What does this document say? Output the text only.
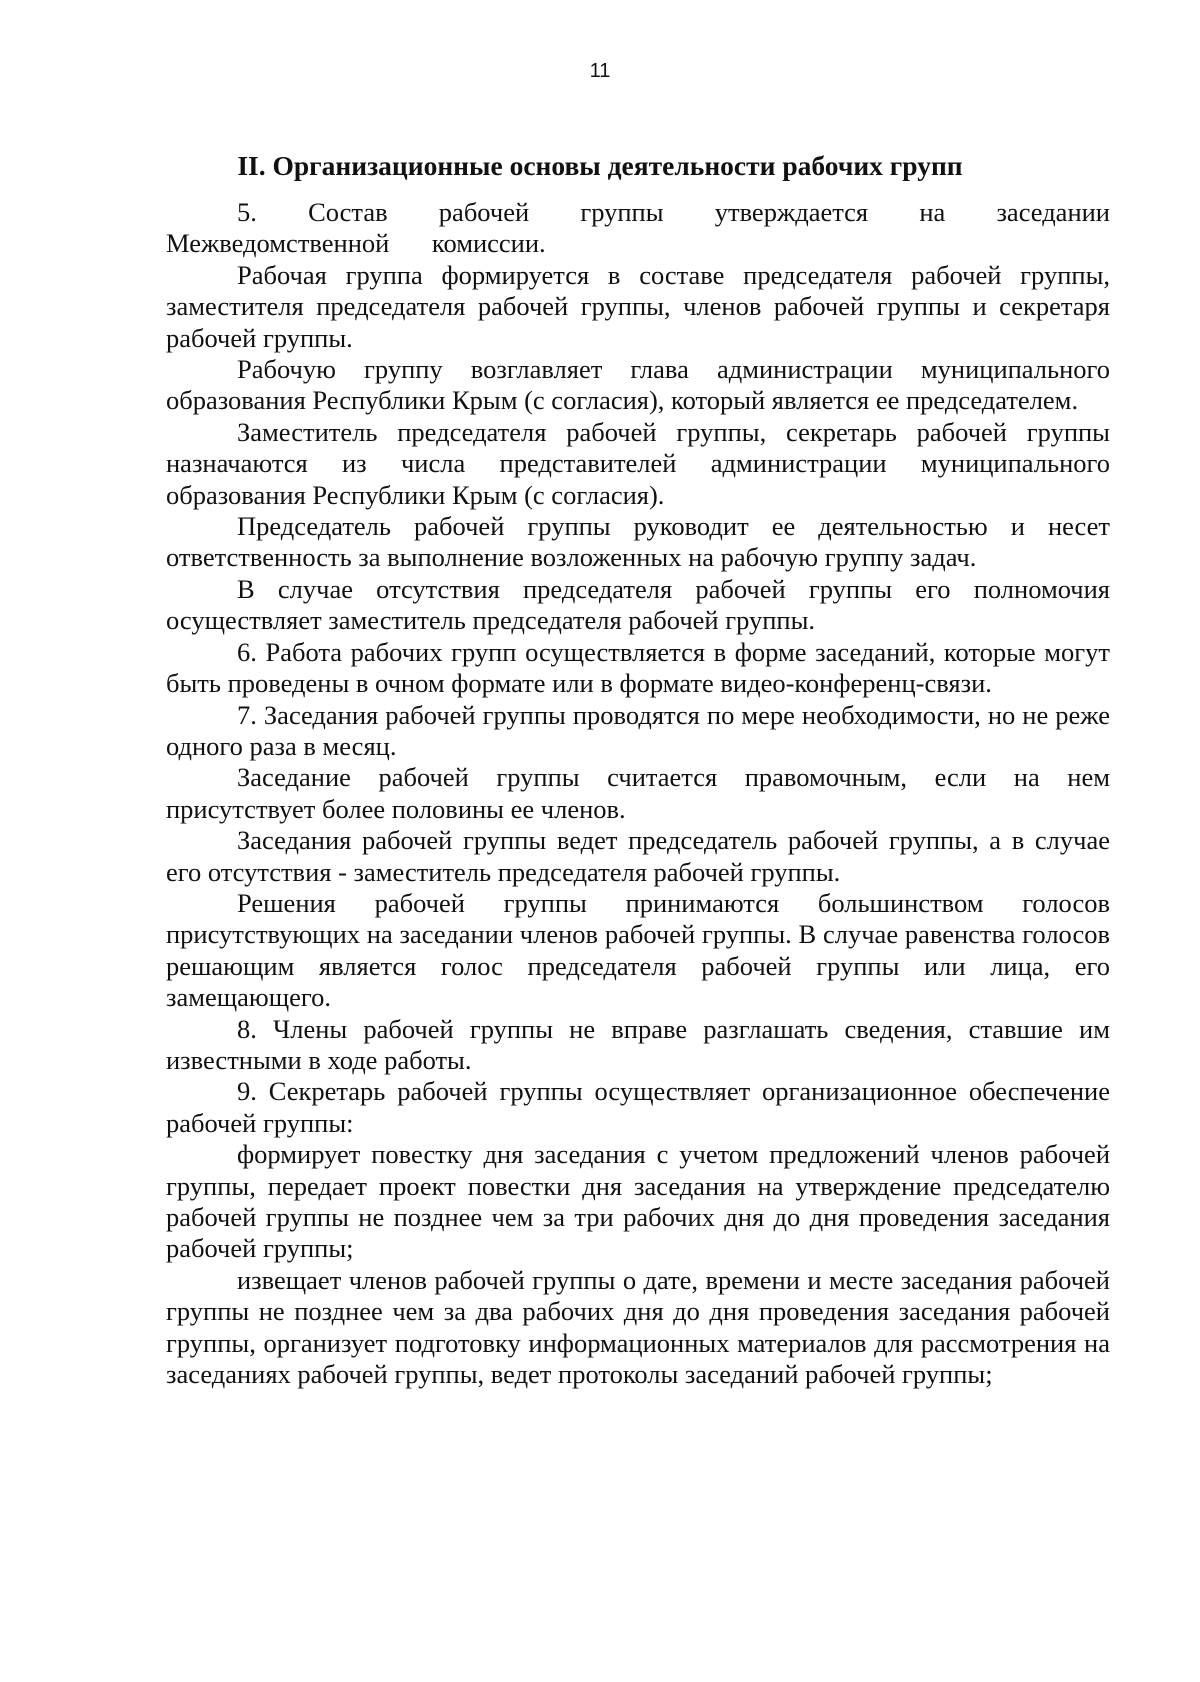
11
II. Организационные основы деятельности рабочих групп

5. Состав рабочей группы утверждается на заседании Межведомственной комиссии.

Рабочая группа формируется в составе председателя рабочей группы, заместителя председателя рабочей группы, членов рабочей группы и секретаря рабочей группы.

Рабочую группу возглавляет глава администрации муниципального образования Республики Крым (с согласия), который является ее председателем.

Заместитель председателя рабочей группы, секретарь рабочей группы назначаются из числа представителей администрации муниципального образования Республики Крым (с согласия).

Председатель рабочей группы руководит ее деятельностью и несет ответственность за выполнение возложенных на рабочую группу задач.

В случае отсутствия председателя рабочей группы его полномочия осуществляет заместитель председателя рабочей группы.

6. Работа рабочих групп осуществляется в форме заседаний, которые могут быть проведены в очном формате или в формате видео-конференц-связи.

7. Заседания рабочей группы проводятся по мере необходимости, но не реже одного раза в месяц.

Заседание рабочей группы считается правомочным, если на нем присутствует более половины ее членов.

Заседания рабочей группы ведет председатель рабочей группы, а в случае его отсутствия - заместитель председателя рабочей группы.

Решения рабочей группы принимаются большинством голосов присутствующих на заседании членов рабочей группы. В случае равенства голосов решающим является голос председателя рабочей группы или лица, его замещающего.

8. Члены рабочей группы не вправе разглашать сведения, ставшие им известными в ходе работы.

9. Секретарь рабочей группы осуществляет организационное обеспечение рабочей группы:

формирует повестку дня заседания с учетом предложений членов рабочей группы, передает проект повестки дня заседания на утверждение председателю рабочей группы не позднее чем за три рабочих дня до дня проведения заседания рабочей группы;

извещает членов рабочей группы о дате, времени и месте заседания рабочей группы не позднее чем за два рабочих дня до дня проведения заседания рабочей группы, организует подготовку информационных материалов для рассмотрения на заседаниях рабочей группы, ведет протоколы заседаний рабочей группы;
